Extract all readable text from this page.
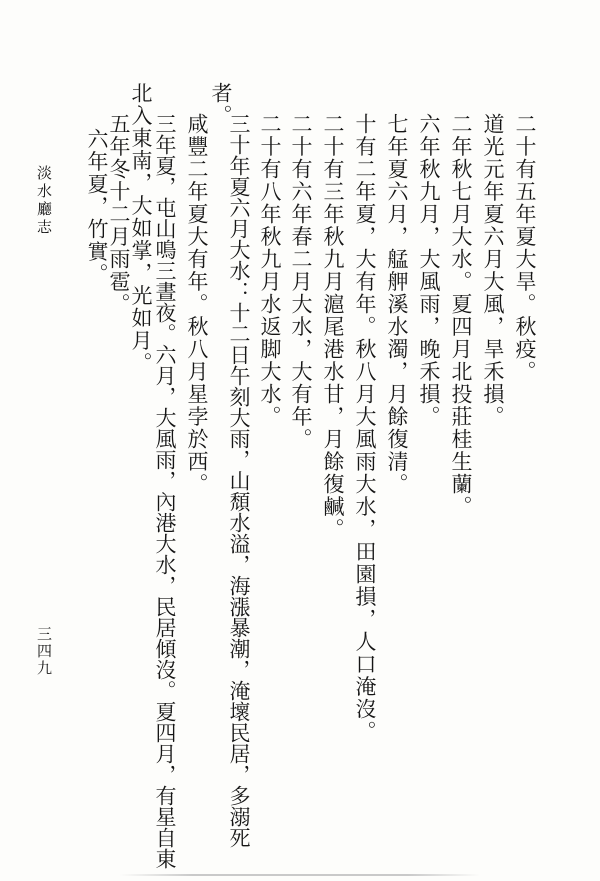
二十有五年夏大旱。秋疫。
道光元年夏六月大風，旱禾損。
二年秋七月大水。夏四月北投莊桂生蘭。
六年秋九月，大風雨，晚禾損。
七年夏六月，艋舺溪水濁，月餘復清。
十有二年夏，大有年。秋八月大風雨大水，田園損，人口淹沒。
二十有三年秋九月滬尾港水甘，月餘復鹹。
二十有六年春二月大水，大有年。
二十有八年秋九月水返脚大水。
三十年夏六月大水：十二日午刻大雨，山頹水溢，海漲暴潮，淹壞民居，多溺死
者。
咸豐二年夏大有年。秋八月星孛於西。
三年夏，屯山鳴三晝夜。六月，大風雨，內港大水，民居傾沒。夏四月，有星自東
北入東南，大如掌，光如月。
淡水廳志
三四九
五年冬十二月雨雹。
六年夏，竹實。
